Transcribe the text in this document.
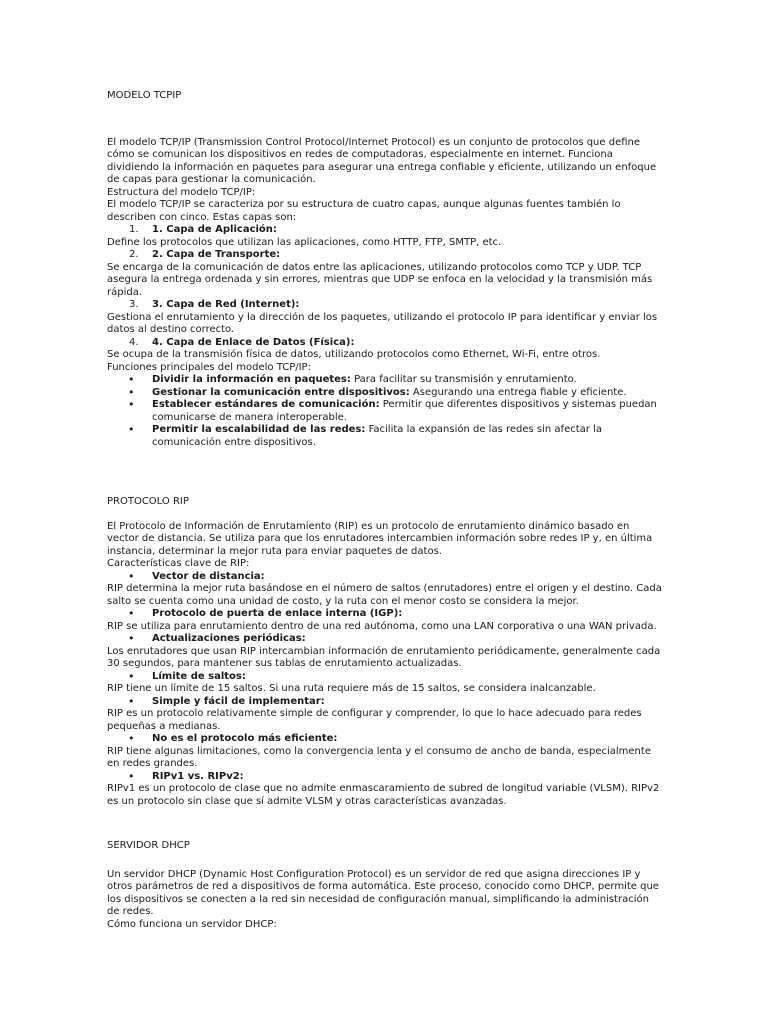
MODELO TCPIP

El modelo TCP/IP (Transmission Control Protocol/Internet Protocol) es un conjunto de protocolos que define cómo se comunican los dispositivos en redes de computadoras, especialmente en internet. Funciona dividiendo la información en paquetes para asegurar una entrega confiable y eficiente, utilizando un enfoque de capas para gestionar la comunicación.

Estructura del modelo TCP/IP:

El modelo TCP/IP se caracteriza por su estructura de cuatro capas, aunque algunas fuentes también lo describen con cinco. Estas capas son:

1. 1. Capa de Aplicación:

Define los protocolos que utilizan las aplicaciones, como HTTP, FTP, SMTP, etc.

2. 2. Capa de Transporte:

Se encarga de la comunicación de datos entre las aplicaciones, utilizando protocolos como TCP y UDP. TCP asegura la entrega ordenada y sin errores, mientras que UDP se enfoca en la velocidad y la transmisión más rápida.

3. 3. Capa de Red (Internet):

Gestiona el enrutamiento y la dirección de los paquetes, utilizando el protocolo IP para identificar y enviar los datos al destino correcto.

4. 4. Capa de Enlace de Datos (Física):

Se ocupa de la transmisión física de datos, utilizando protocolos como Ethernet, Wi-Fi, entre otros.

Funciones principales del modelo TCP/IP:

• Dividir la información en paquetes: Para facilitar su transmisión y enrutamiento.
• Gestionar la comunicación entre dispositivos: Asegurando una entrega fiable y eficiente.
• Establecer estándares de comunicación: Permitir que diferentes dispositivos y sistemas puedan comunicarse de manera interoperable.
• Permitir la escalabilidad de las redes: Facilita la expansión de las redes sin afectar la comunicación entre dispositivos.

PROTOCOLO RIP

El Protocolo de Información de Enrutamiento (RIP) es un protocolo de enrutamiento dinámico basado en vector de distancia. Se utiliza para que los enrutadores intercambien información sobre redes IP y, en última instancia, determinar la mejor ruta para enviar paquetes de datos.

Características clave de RIP:

• Vector de distancia:

RIP determina la mejor ruta basándose en el número de saltos (enrutadores) entre el origen y el destino. Cada salto se cuenta como una unidad de costo, y la ruta con el menor costo se considera la mejor.

• Protocolo de puerta de enlace interna (IGP):

RIP se utiliza para enrutamiento dentro de una red autónoma, como una LAN corporativa o una WAN privada.

• Actualizaciones periódicas:

Los enrutadores que usan RIP intercambian información de enrutamiento periódicamente, generalmente cada 30 segundos, para mantener sus tablas de enrutamiento actualizadas.

• Límite de saltos:

RIP tiene un límite de 15 saltos. Si una ruta requiere más de 15 saltos, se considera inalcanzable.

• Simple y fácil de implementar:

RIP es un protocolo relativamente simple de configurar y comprender, lo que lo hace adecuado para redes pequeñas a medianas.

• No es el protocolo más eficiente:

RIP tiene algunas limitaciones, como la convergencia lenta y el consumo de ancho de banda, especialmente en redes grandes.

• RIPv1 vs. RIPv2:

RIPv1 es un protocolo de clase que no admite enmascaramiento de subred de longitud variable (VLSM). RIPv2 es un protocolo sin clase que sí admite VLSM y otras características avanzadas.

SERVIDOR DHCP

Un servidor DHCP (Dynamic Host Configuration Protocol) es un servidor de red que asigna direcciones IP y otros parámetros de red a dispositivos de forma automática. Este proceso, conocido como DHCP, permite que los dispositivos se conecten a la red sin necesidad de configuración manual, simplificando la administración de redes.

Cómo funciona un servidor DHCP:
